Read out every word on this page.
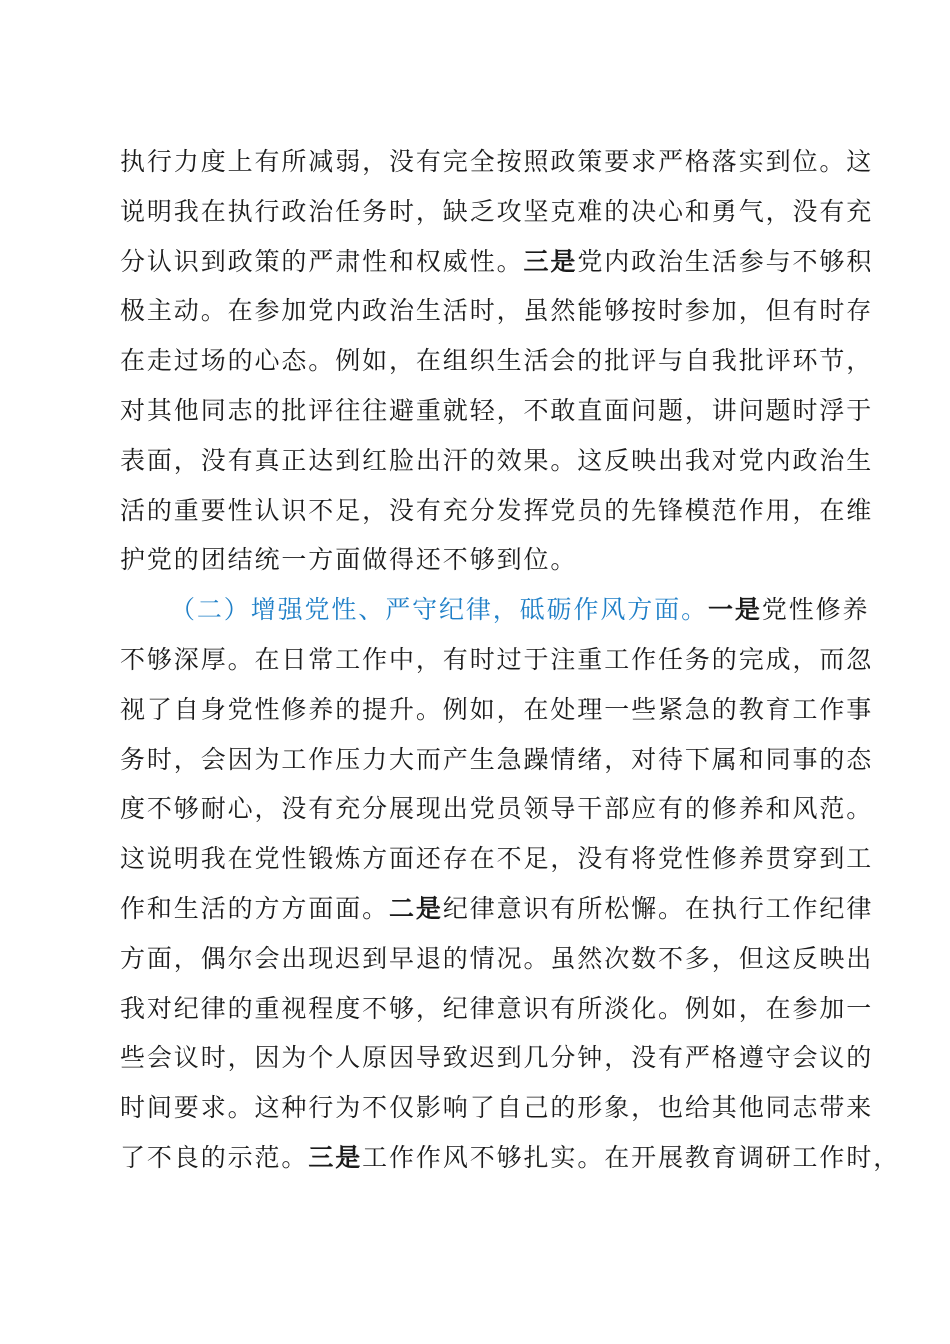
执行力度上有所减弱，没有完全按照政策要求严格落实到位。这
说明我在执行政治任务时，缺乏攻坚克难的决心和勇气，没有充
分认识到政策的严肃性和权威性。三是党内政治生活参与不够积
极主动。在参加党内政治生活时，虽然能够按时参加，但有时存
在走过场的心态。例如，在组织生活会的批评与自我批评环节，
对其他同志的批评往往避重就轻，不敢直面问题，讲问题时浮于
表面，没有真正达到红脸出汗的效果。这反映出我对党内政治生
活的重要性认识不足，没有充分发挥党员的先锋模范作用，在维
护党的团结统一方面做得还不够到位。
（二）增强党性、严守纪律，砥砺作风方面。一是党性修养
不够深厚。在日常工作中，有时过于注重工作任务的完成，而忽
视了自身党性修养的提升。例如，在处理一些紧急的教育工作事
务时，会因为工作压力大而产生急躁情绪，对待下属和同事的态
度不够耐心，没有充分展现出党员领导干部应有的修养和风范。
这说明我在党性锻炼方面还存在不足，没有将党性修养贯穿到工
作和生活的方方面面。二是纪律意识有所松懈。在执行工作纪律
方面，偶尔会出现迟到早退的情况。虽然次数不多，但这反映出
我对纪律的重视程度不够，纪律意识有所淡化。例如，在参加一
些会议时，因为个人原因导致迟到几分钟，没有严格遵守会议的
时间要求。这种行为不仅影响了自己的形象，也给其他同志带来
了不良的示范。三是工作作风不够扎实。在开展教育调研工作时，
